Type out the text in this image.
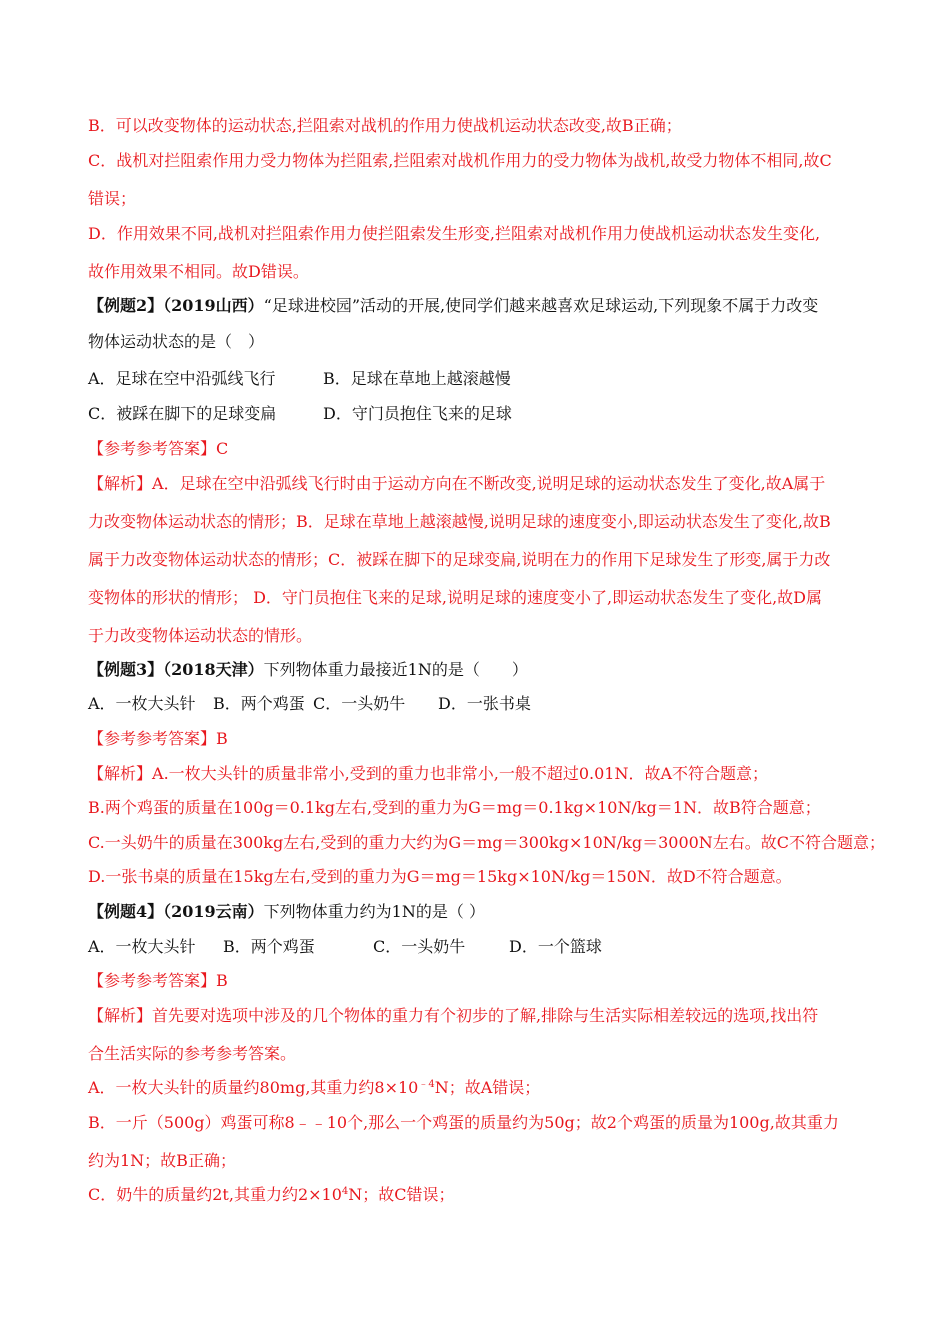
B．可以改变物体的运动状态,拦阻索对战机的作用力使战机运动状态改变,故B正确；
C．战机对拦阻索作用力受力物体为拦阻索,拦阻索对战机作用力的受力物体为战机,故受力物体不相同,故C
错误；
D．作用效果不同,战机对拦阻索作用力使拦阻索发生形变,拦阻索对战机作用力使战机运动状态发生变化,
故作用效果不相同。故D错误。
【例题2】（2019山西）“足球进校园”活动的开展,使同学们越来越喜欢足球运动,下列现象不属于力改变
物体运动状态的是（　）
A．足球在空中沿弧线飞行	B．足球在草地上越滚越慢
C．被踩在脚下的足球变扁	D．守门员抱住飞来的足球
【参考参考答案】C
【解析】A．足球在空中沿弧线飞行时由于运动方向在不断改变,说明足球的运动状态发生了变化,故A属于
力改变物体运动状态的情形；B．足球在草地上越滚越慢,说明足球的速度变小,即运动状态发生了变化,故B
属于力改变物体运动状态的情形；C．被踩在脚下的足球变扁,说明在力的作用下足球发生了形变,属于力改
变物体的形状的情形； D．守门员抱住飞来的足球,说明足球的速度变小了,即运动状态发生了变化,故D属
于力改变物体运动状态的情形。
【例题3】（2018天津）下列物体重力最接近1N的是（　　）
A．一枚大头针 B．两个鸡蛋 C．一头奶牛 D．一张书桌
【参考参考答案】B
【解析】A.一枚大头针的质量非常小,受到的重力也非常小,一般不超过0.01N．故A不符合题意；
B.两个鸡蛋的质量在100g＝0.1kg左右,受到的重力为G＝mg＝0.1kg×10N/kg＝1N．故B符合题意；
C.一头奶牛的质量在300kg左右,受到的重力大约为G＝mg＝300kg×10N/kg＝3000N左右。故C不符合题意；
D.一张书桌的质量在15kg左右,受到的重力为G＝mg＝15kg×10N/kg＝150N．故D不符合题意。
【例题4】（2019云南）下列物体重力约为1N的是（ ）
A．一枚大头针 B．两个鸡蛋	C．一头奶牛	D．一个篮球
【参考参考答案】B
【解析】首先要对选项中涉及的几个物体的重力有个初步的了解,排除与生活实际相差较远的选项,找出符
合生活实际的参考参考答案。
A．一枚大头针的质量约80mg,其重力约$8\times 10^{﹣4}N$；故A错误；
B．一斤（500g）鸡蛋可称8﹣﹣10个,那么一个鸡蛋的质量约为50g；故2个鸡蛋的质量为100g,故其重力
约为1N；故B正确；
C．奶牛的质量约2t,其重力约$2\times 10^4N$；故C错误；
